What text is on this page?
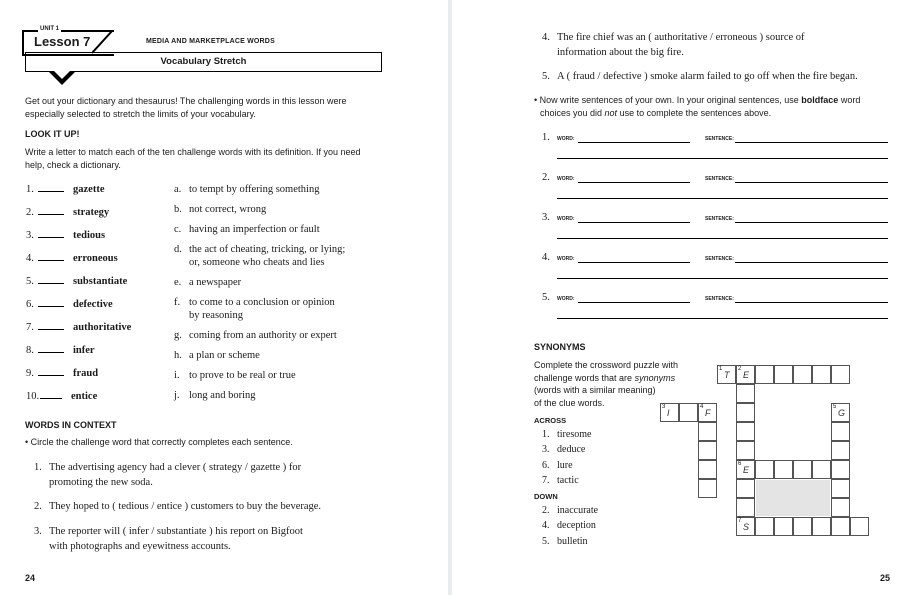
UNIT 1
Lesson 7	MEDIA AND MARKETPLACE WORDS
Vocabulary Stretch
Get out your dictionary and thesaurus! The challenging words in this lesson were
especially selected to stretch the limits of your vocabulary.
LOOK IT UP!
Write a letter to match each of the ten challenge words with its definition. If you need
help, check a dictionary.
1.	gazette
2.	strategy
3.	tedious
4.	erroneous
5.	substantiate
6.	defective
7.	authoritative
8.	infer
9.	fraud
10.	entice
a. to tempt by offering something
b. not correct, wrong
c. having an imperfection or fault
d. the act of cheating, tricking, or lying;
or, someone who cheats and lies
e. a newspaper
f. to come to a conclusion or opinion
by reasoning
g. coming from an authority or expert
h. a plan or scheme
i. to prove to be real or true
j. long and boring
WORDS IN CONTEXT
• Circle the challenge word that correctly completes each sentence.
1. The advertising agency had a clever ( strategy / gazette ) for
promoting the new soda.
2. They hoped to ( tedious / entice ) customers to buy the beverage.
3. The reporter will ( infer / substantiate ) his report on Bigfoot
with photographs and eyewitness accounts.
24
4. The fire chief was an ( authoritative / erroneous ) source of
information about the big fire.
5. A ( fraud / defective ) smoke alarm failed to go off when the fire began.
• Now write sentences of your own. In your original sentences, use boldface word
choices you did not use to complete the sentences above.
1. WORD:	SENTENCE:
2. WORD:	SENTENCE:
3. WORD:	SENTENCE:
4. WORD:	SENTENCE:
5. WORD:	SENTENCE:
SYNONYMS
Complete the crossword puzzle with
challenge words that are synonyms
(words with a similar meaning)
of the clue words.
ACROSS
1. tiresome
3. deduce
6. lure
7. tactic
DOWN
2. inaccurate
4. deception
5. bulletin
1
T
2
E
3
I
4
F
5
G
6
E
7
S
25
